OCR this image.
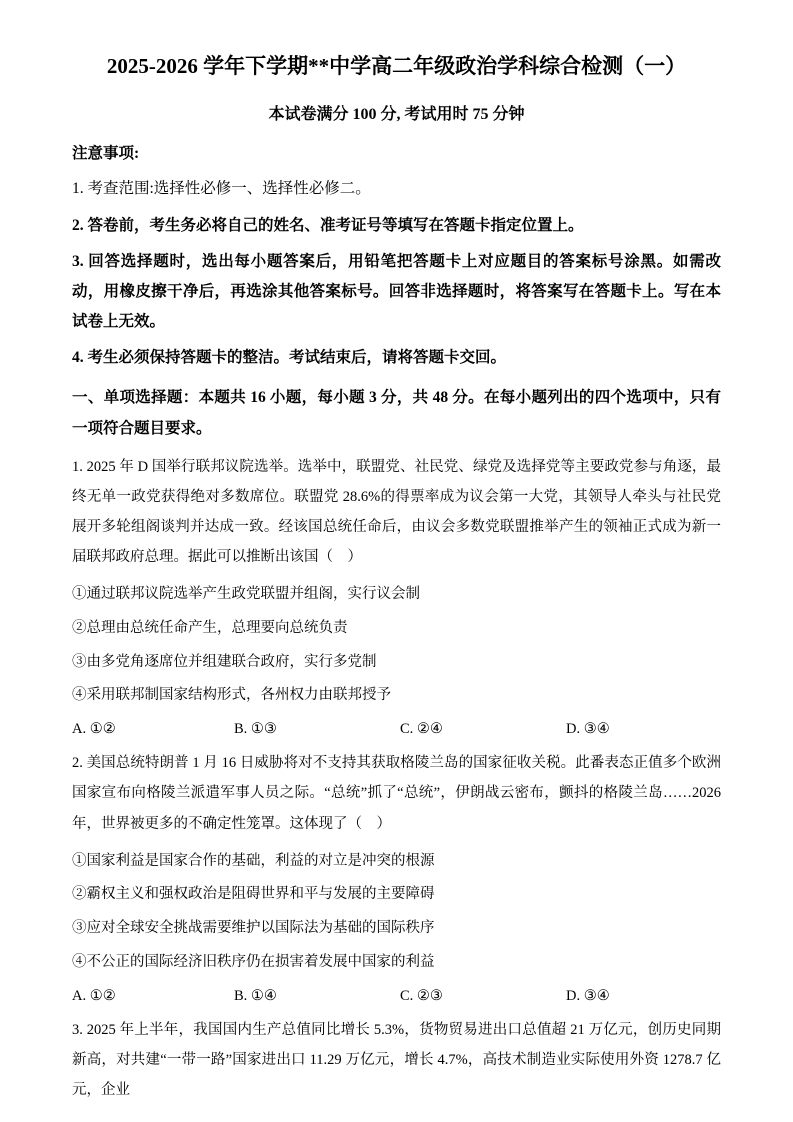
2025-2026 学年下学期**中学高二年级政治学科综合检测（一）
本试卷满分 100 分, 考试用时 75 分钟
注意事项:

1. 考查范围:选择性必修一、选择性必修二。

2. 答卷前，考生务必将自己的姓名、准考证号等填写在答题卡指定位置上。

3. 回答选择题时，选出每小题答案后，用铅笔把答题卡上对应题目的答案标号涂黑。如需改动，用橡皮擦干净后，再选涂其他答案标号。回答非选择题时，将答案写在答题卡上。写在本试卷上无效。

4. 考生必须保持答题卡的整洁。考试结束后，请将答题卡交回。

一、单项选择题：本题共 16 小题，每小题 3 分，共 48 分。在每小题列出的四个选项中，只有一项符合题目要求。

1. 2025 年 D 国举行联邦议院选举。选举中，联盟党、社民党、绿党及选择党等主要政党参与角逐，最终无单一政党获得绝对多数席位。联盟党 28.6%的得票率成为议会第一大党，其领导人牵头与社民党展开多轮组阁谈判并达成一致。经该国总统任命后，由议会多数党联盟推举产生的领袖正式成为新一届联邦政府总理。据此可以推断出该国（　）

①通过联邦议院选举产生政党联盟并组阁，实行议会制

②总理由总统任命产生，总理要向总统负责

③由多党角逐席位并组建联合政府，实行多党制

④采用联邦制国家结构形式，各州权力由联邦授予

A. ①②	B. ①③	C. ②④	D. ③④

2. 美国总统特朗普 1 月 16 日威胁将对不支持其获取格陵兰岛的国家征收关税。此番表态正值多个欧洲国家宣布向格陵兰派遣军事人员之际。“总统”抓了“总统”，伊朗战云密布，颤抖的格陵兰岛……2026 年，世界被更多的不确定性笼罩。这体现了（　）

①国家利益是国家合作的基础，利益的对立是冲突的根源

②霸权主义和强权政治是阻碍世界和平与发展的主要障碍

③应对全球安全挑战需要维护以国际法为基础的国际秩序

④不公正的国际经济旧秩序仍在损害着发展中国家的利益

A. ①②	B. ①④	C. ②③	D. ③④

3. 2025 年上半年，我国国内生产总值同比增长 5.3%，货物贸易进出口总值超 21 万亿元，创历史同期新高，对共建“一带一路”国家进出口 11.29 万亿元，增长 4.7%，高技术制造业实际使用外资 1278.7 亿元，企业
